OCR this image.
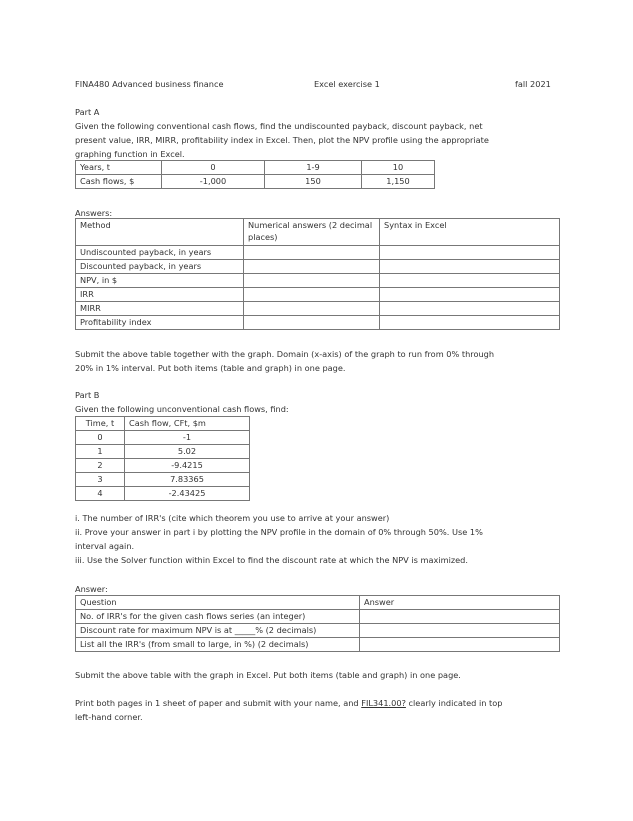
FINA480 Advanced business finance	Excel exercise 1	fall 2021
Part A
Given the following conventional cash flows, find the undiscounted payback, discount payback, net
present value, IRR, MIRR, profitability index in Excel. Then, plot the NPV profile using the appropriate
graphing function in Excel.
Years, t	0	1-9	10
Cash flows, $	-1,000	150	1,150
Answers:
Method	Numerical answers (2 decimal places)	Syntax in Excel
Undiscounted payback, in years		
Discounted payback, in years		
NPV, in $		
IRR		
MIRR		
Profitability index		
Submit the above table together with the graph. Domain (x-axis) of the graph to run from 0% through
20% in 1% interval. Put both items (table and graph) in one page.
Part B
Given the following unconventional cash flows, find:
Time, t	Cash flow, CFt, $m
0	-1
1	5.02
2	-9.4215
3	7.83365
4	-2.43425
i. The number of IRR's (cite which theorem you use to arrive at your answer)
ii. Prove your answer in part i by plotting the NPV profile in the domain of 0% through 50%. Use 1%
interval again.
iii. Use the Solver function within Excel to find the discount rate at which the NPV is maximized.
Answer:
Question	Answer
No. of IRR's for the given cash flows series (an integer)	
Discount rate for maximum NPV is at _____% (2 decimals)	
List all the IRR's (from small to large, in %) (2 decimals)	
Submit the above table with the graph in Excel. Put both items (table and graph) in one page.
Print both pages in 1 sheet of paper and submit with your name, and FIL341.00? clearly indicated in top
left-hand corner.
